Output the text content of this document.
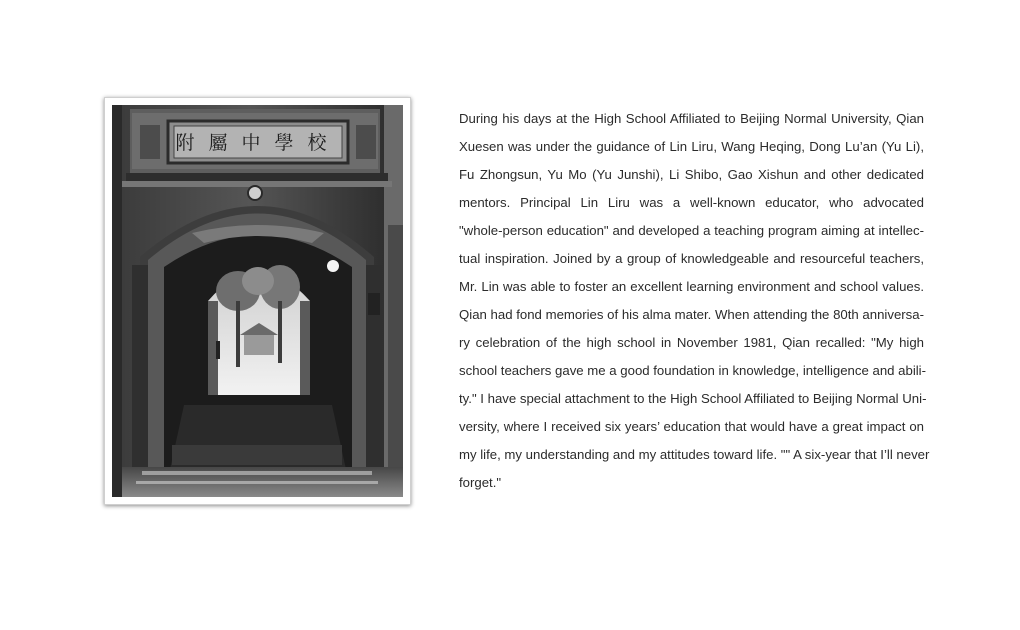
附屬中學校
During his days at the High School Affiliated to Beijing Normal University, Qian
Xuesen was under the guidance of Lin Liru, Wang Heqing, Dong Lu’an (Yu Li),
Fu Zhongsun, Yu Mo (Yu Junshi), Li Shibo, Gao Xishun and other dedicated
mentors. Principal Lin Liru was a well-known educator, who advocated
"whole-person education" and developed a teaching program aiming at intellec-
tual inspiration. Joined by a group of knowledgeable and resourceful teachers,
Mr. Lin was able to foster an excellent learning environment and school values.
Qian had fond memories of his alma mater. When attending the 80th anniversa-
ry celebration of the high school in November 1981, Qian recalled: "My high
school teachers gave me a good foundation in knowledge, intelligence and abili-
ty." I have special attachment to the High School Affiliated to Beijing Normal Uni-
versity, where I received six years’ education that would have a great impact on
my life, my understanding and my attitudes toward life. "" A six-year that I’ll never
forget."
